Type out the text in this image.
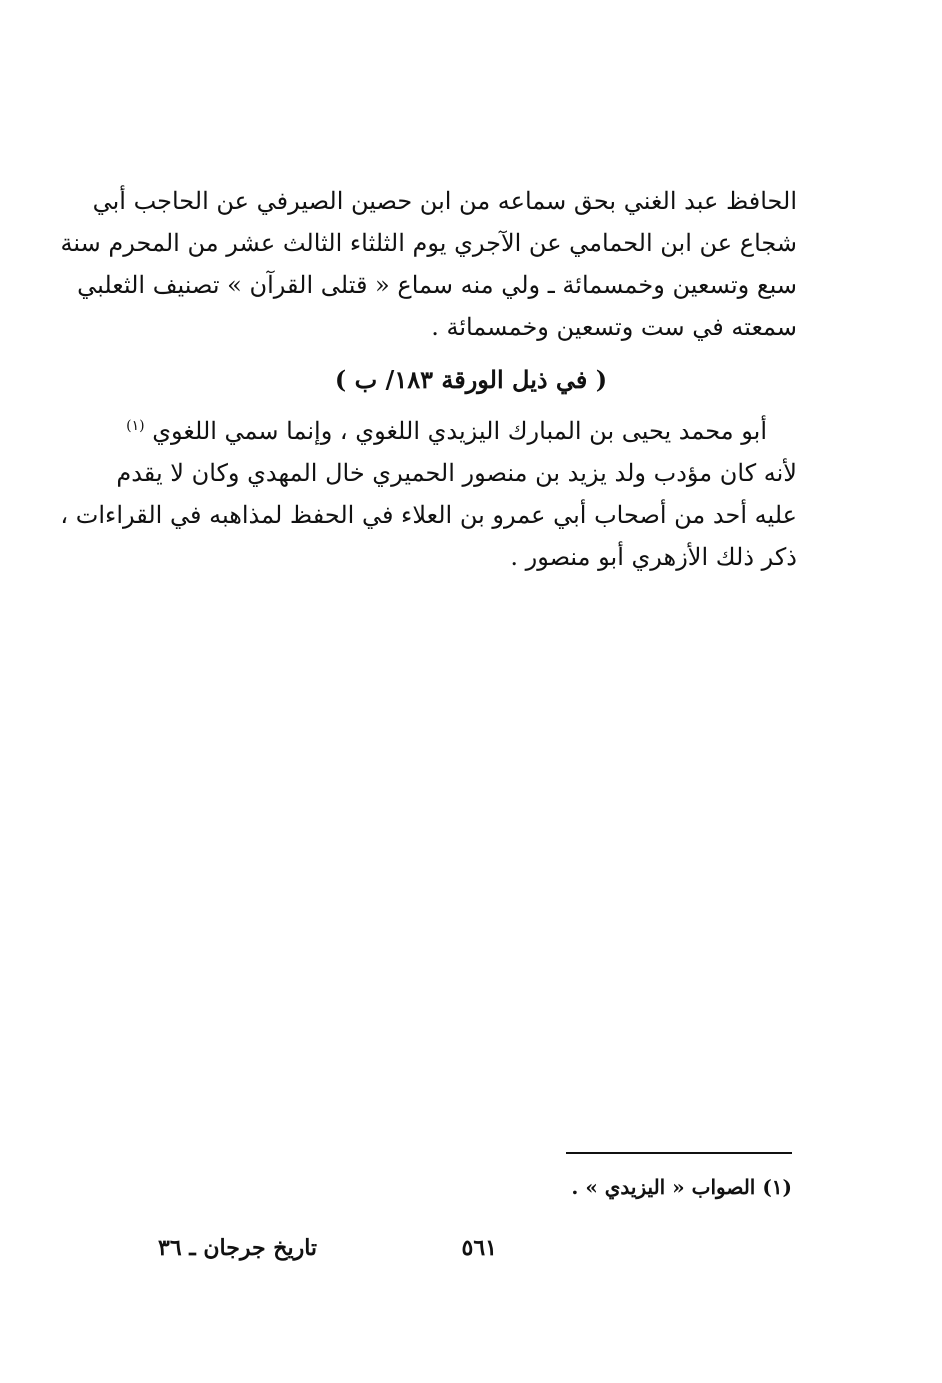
الحافظ عبد الغني بحق سماعه من ابن حصين الصيرفي عن الحاجب أبي
شجاع عن ابن الحمامي عن الآجري يوم الثلثاء الثالث عشر من المحرم سنة
سبع وتسعين وخمسمائة ـ ولي منه سماع « قتلى القرآن » تصنيف الثعلبي
سمعته في ست وتسعين وخمسمائة .
( في ذيل الورقة ١٨٣/ ب )
أبو محمد يحيى بن المبارك اليزيدي اللغوي ، وإنما سمي اللغوي $^{(١)}$
لأنه كان مؤدب ولد يزيد بن منصور الحميري خال المهدي وكان لا يقدم
عليه أحد من أصحاب أبي عمرو بن العلاء في الحفظ لمذاهبه في القراءات ،
ذكر ذلك الأزهري أبو منصور .
(١) الصواب « اليزيدي » .
٥٦١
تاريخ جرجان ـ ٣٦
